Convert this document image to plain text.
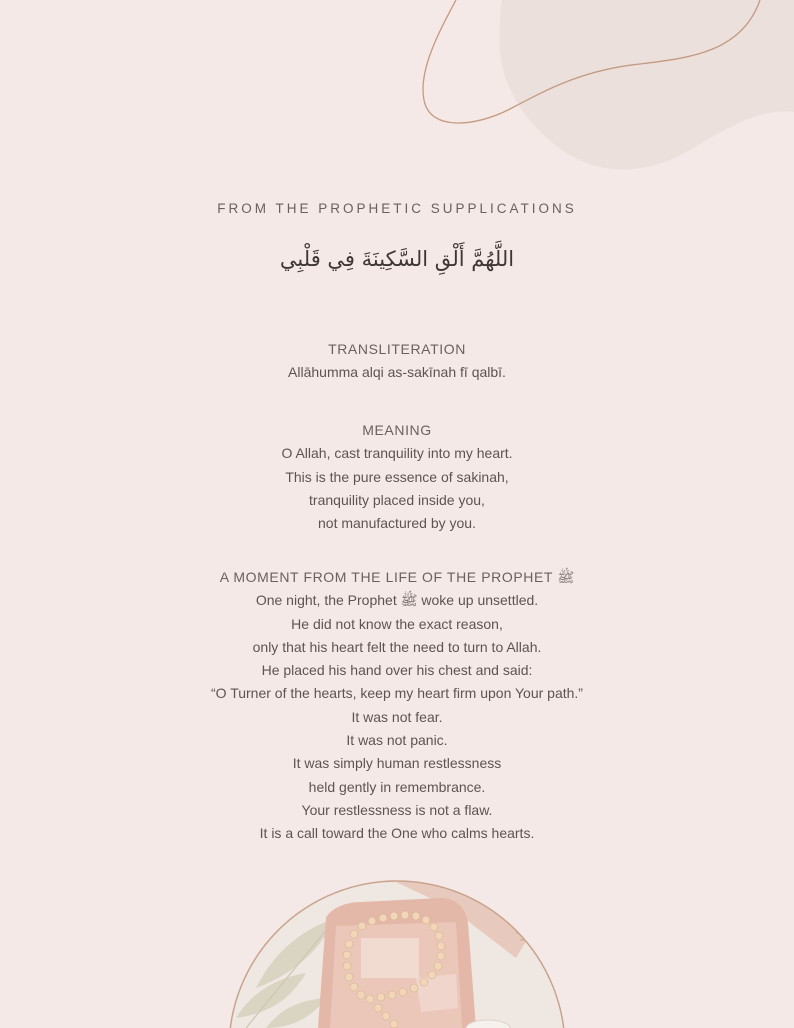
FROM THE PROPHETIC SUPPLICATIONS
اللَّهُمَّ أَلْقِ السَّكِينَةَ فِي قَلْبِي
TRANSLITERATION
Allāhumma alqi as-sakīnah fī qalbī.
MEANING
O Allah, cast tranquility into my heart.
This is the pure essence of sakinah,
tranquility placed inside you,
not manufactured by you.
A MOMENT FROM THE LIFE OF THE PROPHET ﷺ
One night, the Prophet ﷺ woke up unsettled.
He did not know the exact reason,
only that his heart felt the need to turn to Allah.
He placed his hand over his chest and said:
“O Turner of the hearts, keep my heart firm upon Your path.”
It was not fear.
It was not panic.
It was simply human restlessness
held gently in remembrance.
Your restlessness is not a flaw.
It is a call toward the One who calms hearts.
